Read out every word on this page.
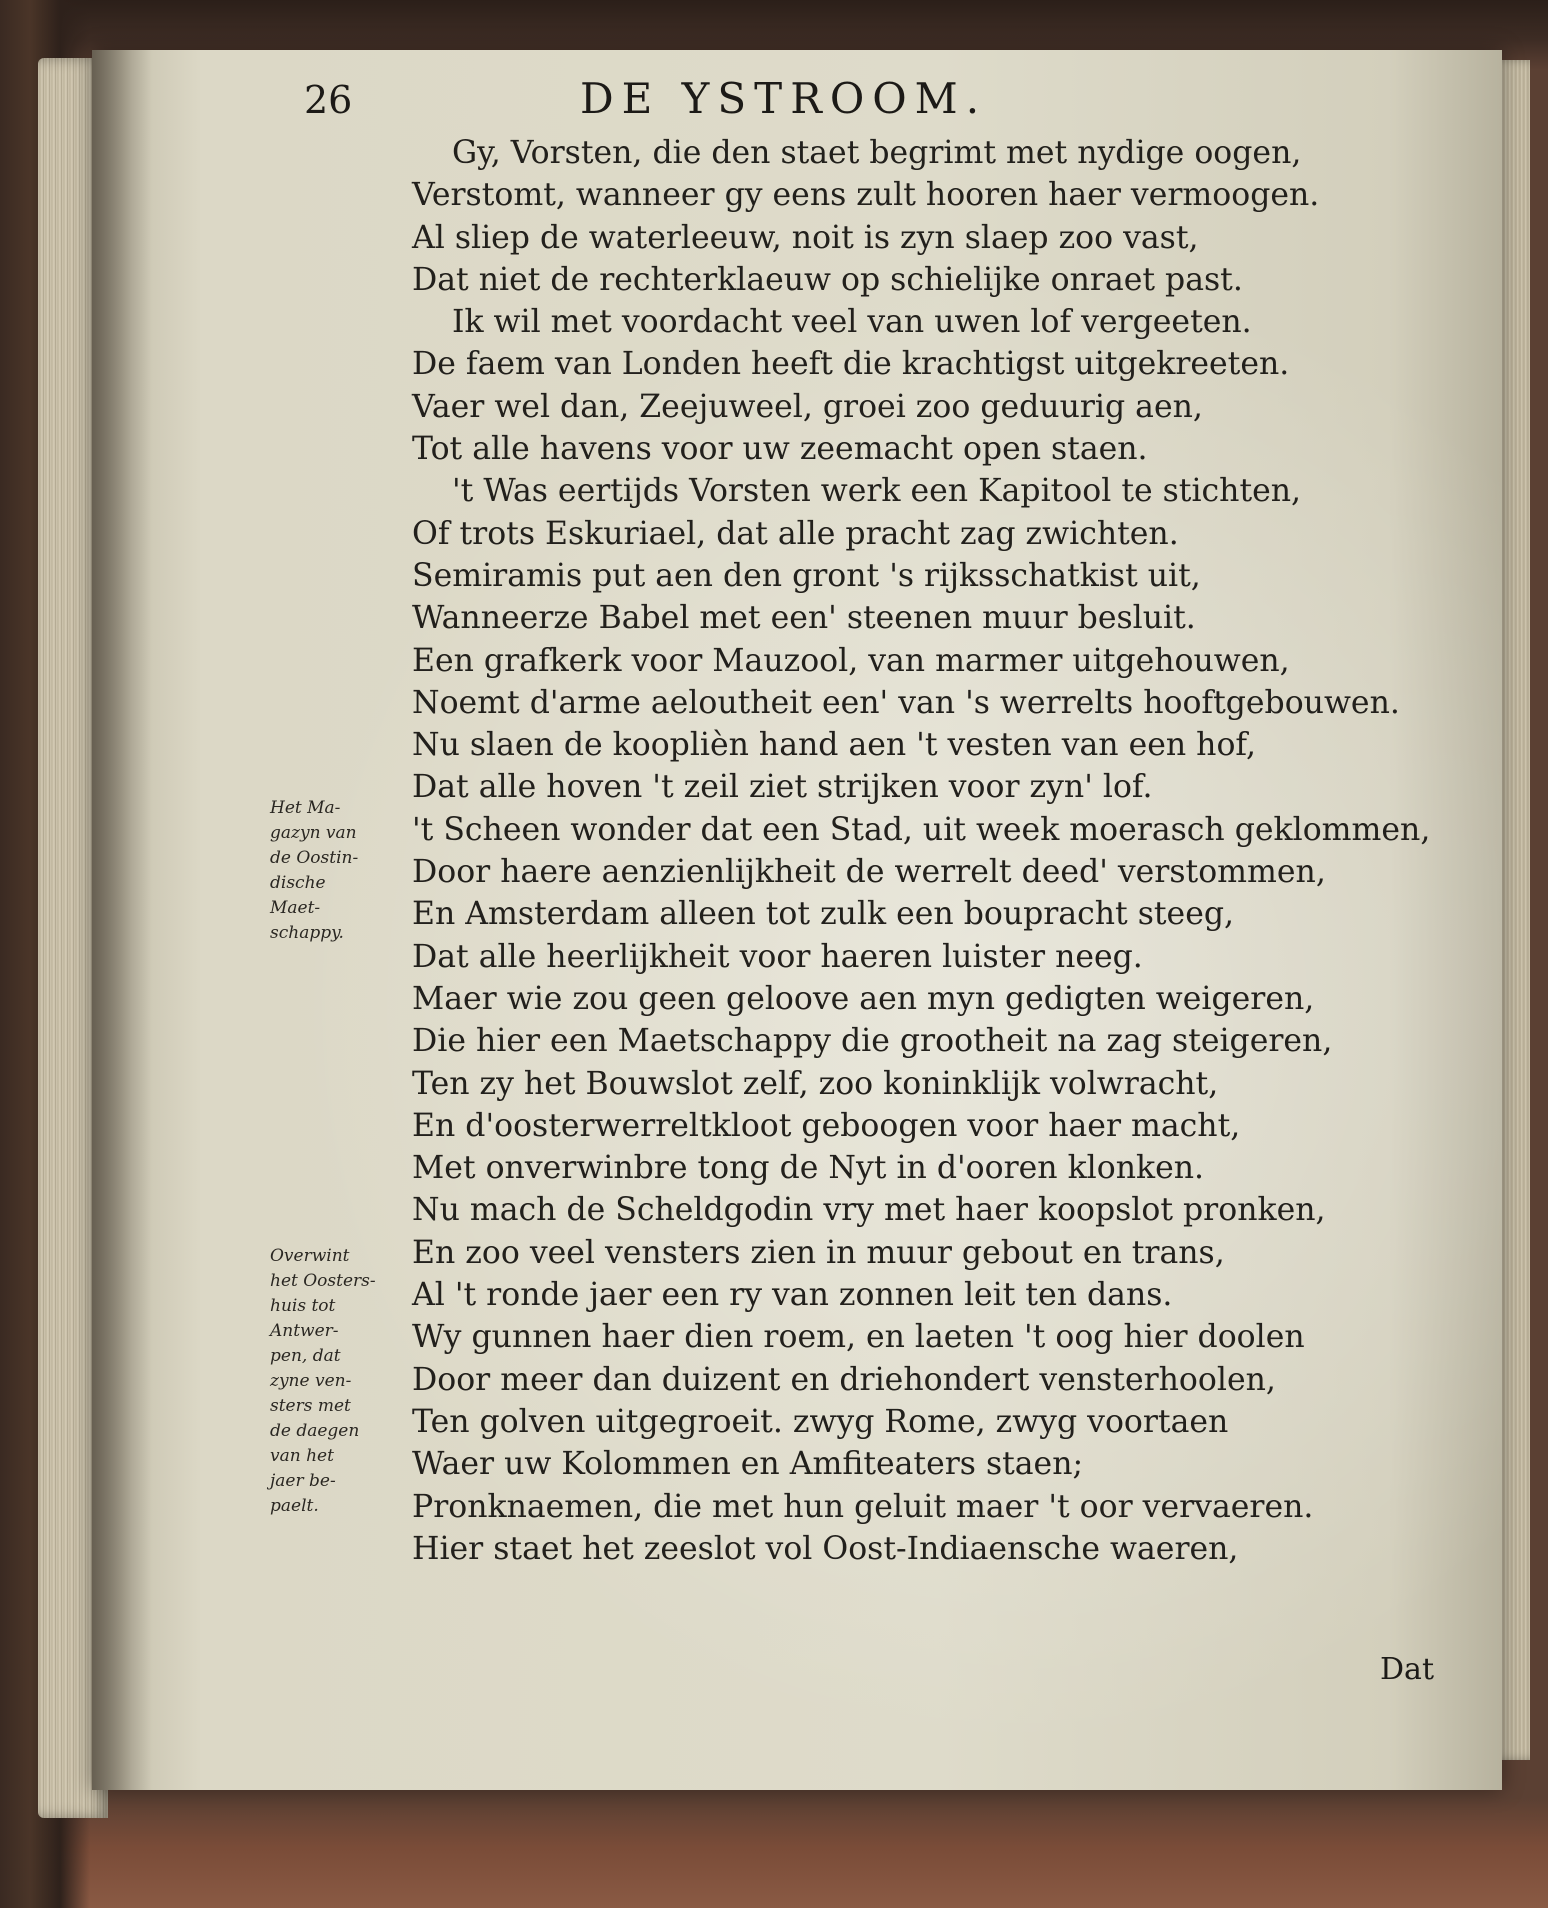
26	DE YSTROOM.
Gy, Vorsten, die den staet begrimt met nydige oogen,
Verstomt, wanneer gy eens zult hooren haer vermoogen.
Al sliep de waterleeuw, noit is zyn slaep zoo vast,
Dat niet de rechterklaeuw op schielijke onraet past.
Ik wil met voordacht veel van uwen lof vergeeten.
De faem van Londen heeft die krachtigst uitgekreeten.
Vaer wel dan, Zeejuweel, groei zoo geduurig aen,
Tot alle havens voor uw zeemacht open staen.
't Was eertijds Vorsten werk een Kapitool te stichten,
Of trots Eskuriael, dat alle pracht zag zwichten.
Semiramis put aen den gront 's rijksschatkist uit,
Wanneerze Babel met een' steenen muur besluit.
Een grafkerk voor Mauzool, van marmer uitgehouwen,
Noemt d'arme aeloutheit een' van 's werrelts hooftgebouwen.
Nu slaen de kooplièn hand aen 't vesten van een hof,
Dat alle hoven 't zeil ziet strijken voor zyn' lof.
't Scheen wonder dat een Stad, uit week moerasch geklommen,
Door haere aenzienlijkheit de werrelt deed' verstommen,
En Amsterdam alleen tot zulk een boupracht steeg,
Dat alle heerlijkheit voor haeren luister neeg.
Maer wie zou geen geloove aen myn gedigten weigeren,
Die hier een Maetschappy die grootheit na zag steigeren,
Ten zy het Bouwslot zelf, zoo koninklijk volwracht,
En d'oosterwerreltkloot geboogen voor haer macht,
Met onverwinbre tong de Nyt in d'ooren klonken.
Nu mach de Scheldgodin vry met haer koopslot pronken,
En zoo veel vensters zien in muur gebout en trans,
Al 't ronde jaer een ry van zonnen leit ten dans.
Wy gunnen haer dien roem, en laeten 't oog hier doolen
Door meer dan duizent en driehondert vensterhoolen,
Ten golven uitgegroeit. zwyg Rome, zwyg voortaen
Waer uw Kolommen en Amfiteaters staen;
Pronknaemen, die met hun geluit maer 't oor vervaeren.
Hier staet het zeeslot vol Oost-Indiaensche waeren,
Het Ma-
gazyn van
de Oostin-
dische
Maet-
schappy.
Overwint
het Oosters-
huis tot
Antwer-
pen, dat
zyne ven-
sters met
de daegen
van het
jaer be-
paelt.
Dat
